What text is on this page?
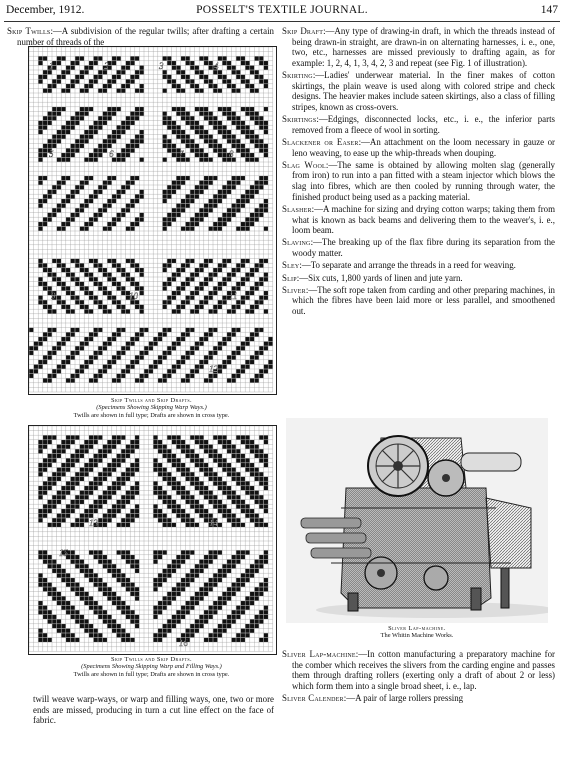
December, 1912.	POSSELT'S TEXTILE JOURNAL.	147

Skip Twills:—A subdivision of the regular twills; after drafting a certain number of threads of the

1	2	3	4
5	6	7	8
9	10	11
12
Skip Twills and Skip Drafts.
(Specimens Showing Skipping Warp Ways.)
Twills are shown in full type; Drafts are shown in cross type.
13	14
15
16
Skip Twills and Skip Drafts.
(Specimens Showing Skipping Warp and Filling Ways.)
Twills are shown in full type; Drafts are shown in cross type.

twill weave warp-ways, or warp and filling ways, one, two or more ends are missed, producing in turn a cut line effect on the face of fabric.

Skip Draft:—Any type of drawing-in draft, in which the threads instead of being drawn-in straight, are drawn-in on alternating harnesses, i. e., one, two, etc., harnesses are missed previously to drafting again, as for example: 1, 2, 4, 1, 3, 4, 2, 3 and repeat (see Fig. 1 of illustration).

Skirting:—Ladies' underwear material. In the finer makes of cotton skirtings, the plain weave is used along with colored stripe and check designs. The heavier makes include sateen skirtings, also a class of filling stripes, known as cross-overs.

Skirtings:—Edgings, disconnected locks, etc., i. e., the inferior parts removed from a fleece of wool in sorting.

Slackener or Easer:—An attachment on the loom necessary in gauze or leno weaving, to ease up the whip-threads when douping.

Slag Wool:—The same is obtained by allowing molten slag (generally from iron) to run into a pan fitted with a steam injector which blows the slag into fibres, which are then cooled by running through water, the finished product being used as a packing material.

Slasher:—A machine for sizing and drying cotton warps; taking them from what is known as back beams and delivering them to the weaver's, i. e., loom beam.

Slaving:—The breaking up of the flax fibre during its separation from the woody matter.

Sley:—To separate and arrange the threads in a reed for weaving.

Slip:—Six cuts, 1,800 yards of linen and jute yarn.

Sliver:—The soft rope taken from carding and other preparing machines, in which the fibres have been laid more or less parallel, and smoothened out.

Sliver Lap-machine.
The Whitin Machine Works.

Sliver Lap-machine:—In cotton manufacturing a preparatory machine for the comber which receives the slivers from the carding engine and passes them through drafting rollers (exerting only a draft of about 2 or less) which form them into a single broad sheet, i. e., lap.

Sliver Calender:—A pair of large rollers pressing
